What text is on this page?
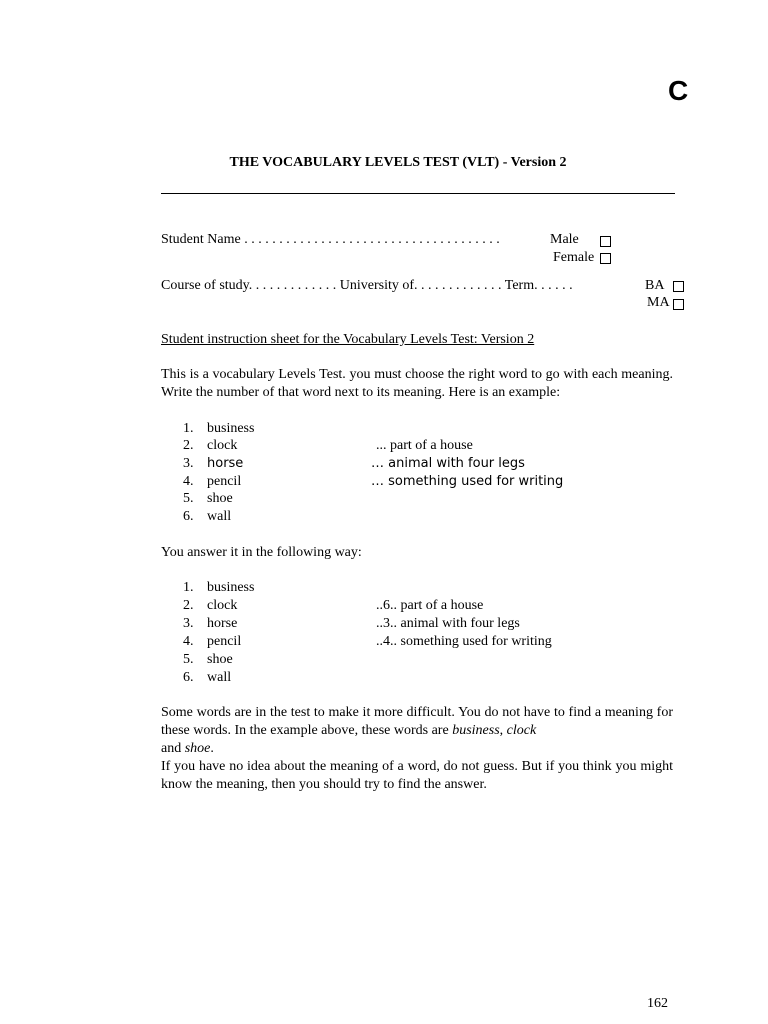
C
THE VOCABULARY LEVELS TEST (VLT) - Version 2
Student Name . . . . . . . . . . . . . . . . . . . . . . . . . . . . . . . . . . . . .	Male
Female
Course of study. . . . . . . . . . . . . University of. . . . . . . . . . . . . Term. . . . . .	BA
MA
Student instruction sheet for the Vocabulary Levels Test: Version 2
This is a vocabulary Levels Test. you must choose the right word to go with each meaning. Write the number of that word next to its meaning. Here is an example:
1. business
2. clock
3. horse
4. pencil
5. shoe
6. wall
... part of a house
… animal with four legs
… something used for writing
You answer it in the following way:
1. business
2. clock
3. horse
4. pencil
5. shoe
6. wall
..6.. part of a house
..3.. animal with four legs
..4.. something used for writing
Some words are in the test to make it more difficult. You do not have to find a meaning for these words. In the example above, these words are business, clock
and shoe.
If you have no idea about the meaning of a word, do not guess. But if you think you might know the meaning, then you should try to find the answer.
162
